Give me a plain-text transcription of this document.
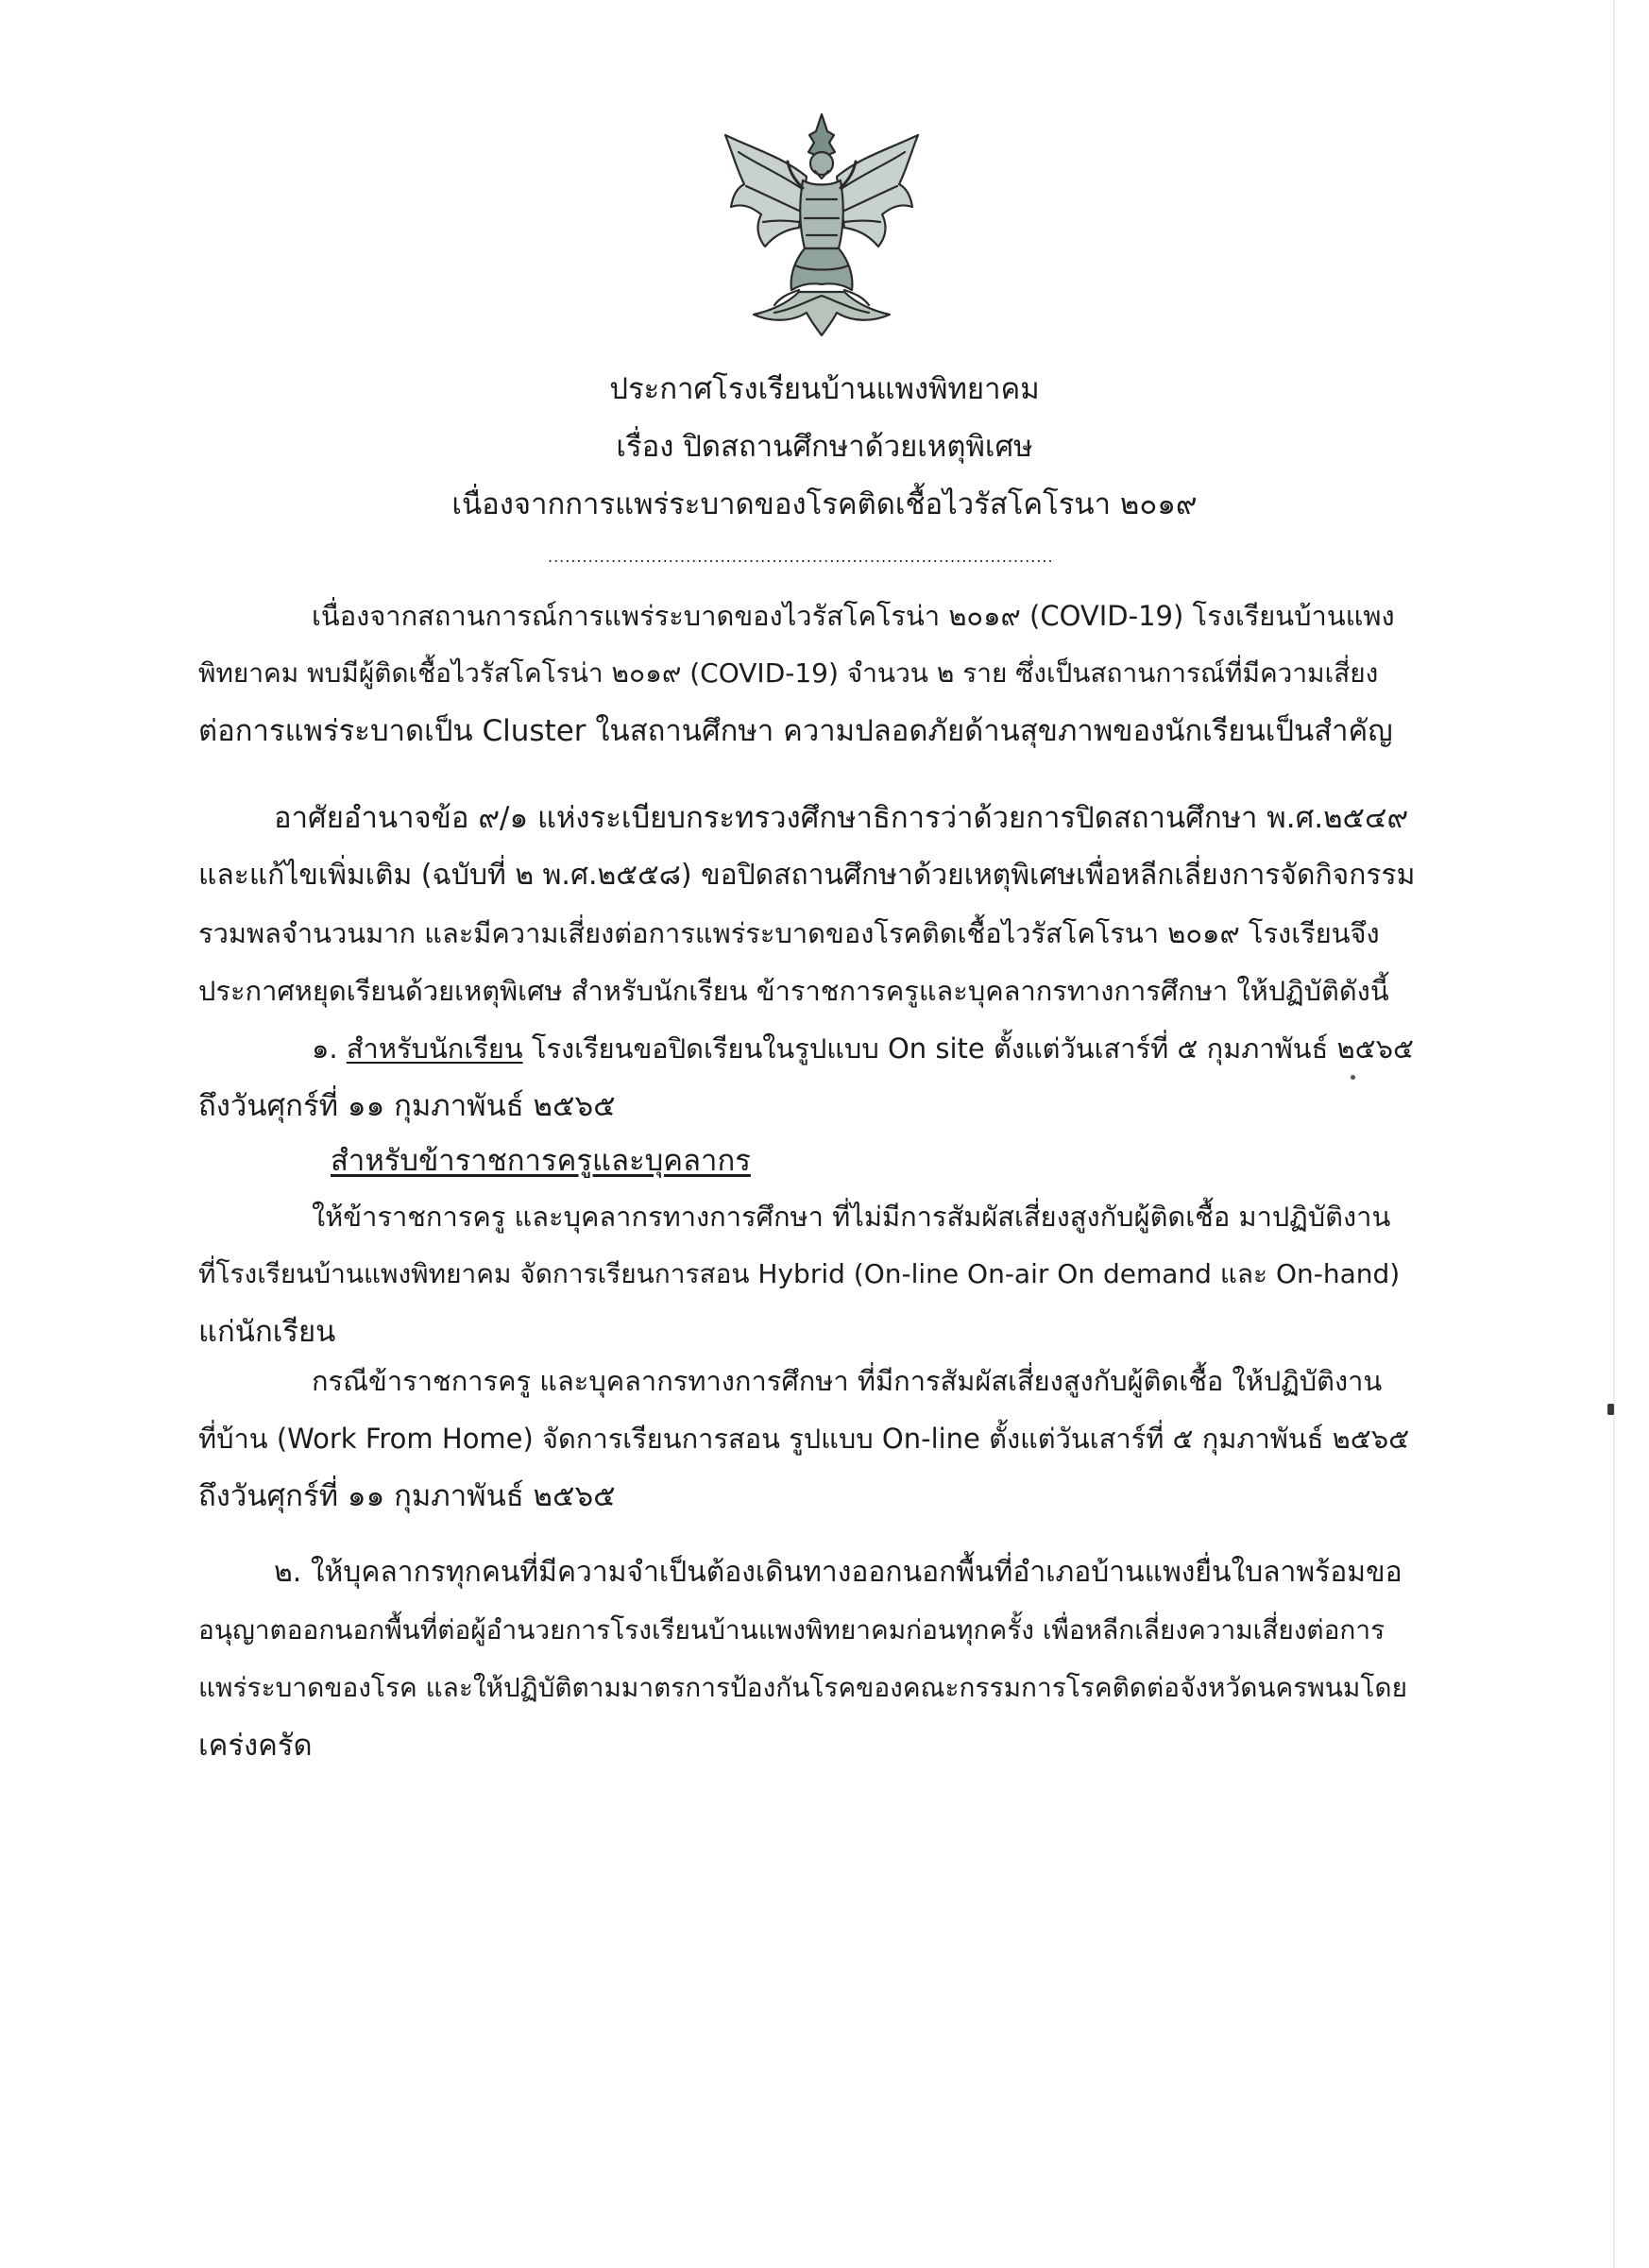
ประกาศโรงเรียนบ้านแพงพิทยาคม
เรื่อง ปิดสถานศึกษาด้วยเหตุพิเศษ
เนื่องจากการแพร่ระบาดของโรคติดเชื้อไวรัสโคโรนา ๒๐๑๙
........................................................................................

เนื่องจากสถานการณ์การแพร่ระบาดของไวรัสโคโรน่า ๒๐๑๙ (COVID-19) โรงเรียนบ้านแพง

พิทยาคม พบมีผู้ติดเชื้อไวรัสโคโรน่า ๒๐๑๙ (COVID-19) จำนวน ๒ ราย ซึ่งเป็นสถานการณ์ที่มีความเสี่ยง

ต่อการแพร่ระบาดเป็น Cluster ในสถานศึกษา ความปลอดภัยด้านสุขภาพของนักเรียนเป็นสำคัญ

อาศัยอำนาจข้อ ๙/๑ แห่งระเบียบกระทรวงศึกษาธิการว่าด้วยการปิดสถานศึกษา พ.ศ.๒๕๔๙

และแก้ไขเพิ่มเติม (ฉบับที่ ๒ พ.ศ.๒๕๕๘) ขอปิดสถานศึกษาด้วยเหตุพิเศษเพื่อหลีกเลี่ยงการจัดกิจกรรม

รวมพลจำนวนมาก และมีความเสี่ยงต่อการแพร่ระบาดของโรคติดเชื้อไวรัสโคโรนา ๒๐๑๙ โรงเรียนจึง

ประกาศหยุดเรียนด้วยเหตุพิเศษ สำหรับนักเรียน ข้าราชการครูและบุคลากรทางการศึกษา ให้ปฏิบัติดังนี้

๑. สำหรับนักเรียน โรงเรียนขอปิดเรียนในรูปแบบ On site ตั้งแต่วันเสาร์ที่ ๕ กุมภาพันธ์ ๒๕๖๕

ถึงวันศุกร์ที่ ๑๑ กุมภาพันธ์ ๒๕๖๕

สำหรับข้าราชการครูและบุคลากร

ให้ข้าราชการครู และบุคลากรทางการศึกษา ที่ไม่มีการสัมผัสเสี่ยงสูงกับผู้ติดเชื้อ มาปฏิบัติงาน

ที่โรงเรียนบ้านแพงพิทยาคม จัดการเรียนการสอน Hybrid (On-line On-air On demand และ On-hand)

แก่นักเรียน

กรณีข้าราชการครู และบุคลากรทางการศึกษา ที่มีการสัมผัสเสี่ยงสูงกับผู้ติดเชื้อ ให้ปฏิบัติงาน

ที่บ้าน (Work From Home) จัดการเรียนการสอน รูปแบบ On-line ตั้งแต่วันเสาร์ที่ ๕ กุมภาพันธ์ ๒๕๖๕

ถึงวันศุกร์ที่ ๑๑ กุมภาพันธ์ ๒๕๖๕

๒. ให้บุคลากรทุกคนที่มีความจำเป็นต้องเดินทางออกนอกพื้นที่อำเภอบ้านแพงยื่นใบลาพร้อมขอ

อนุญาตออกนอกพื้นที่ต่อผู้อำนวยการโรงเรียนบ้านแพงพิทยาคมก่อนทุกครั้ง เพื่อหลีกเลี่ยงความเสี่ยงต่อการ

แพร่ระบาดของโรค และให้ปฏิบัติตามมาตรการป้องกันโรคของคณะกรรมการโรคติดต่อจังหวัดนครพนมโดย

เคร่งครัด
